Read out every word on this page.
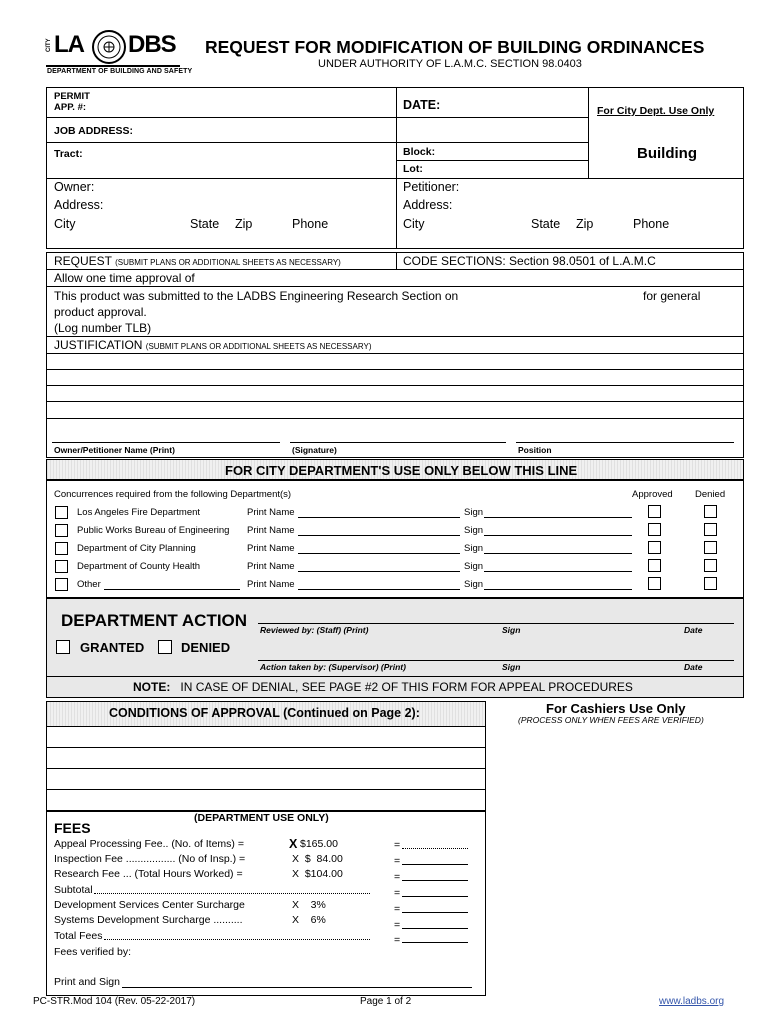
CITY LA DBS
DEPARTMENT OF BUILDING AND SAFETY
REQUEST FOR MODIFICATION OF BUILDING ORDINANCES
UNDER AUTHORITY OF L.A.M.C. SECTION 98.0403
PERMIT
APP. #:	DATE:	For City Dept. Use Only
JOB ADDRESS:
Tract:	Block:
Lot:
Building
Owner:
Address:
City	State Zip	Phone
Petitioner:
Address:
City	State Zip	Phone
REQUEST (SUBMIT PLANS OR ADDITIONAL SHEETS AS NECESSARY)	CODE SECTIONS: Section 98.0501 of L.A.M.C
Allow one time approval of
This product was submitted to the LADBS Engineering Research Section on	for general
product approval.
(Log number TLB)
JUSTIFICATION (SUBMIT PLANS OR ADDITIONAL SHEETS AS NECESSARY)
Owner/Petitioner Name (Print)	(Signature)	Position
FOR CITY DEPARTMENT'S USE ONLY BELOW THIS LINE
Concurrences required from the following Department(s)	Approved Denied
Los Angeles Fire Department	Print Name	Sign
Public Works Bureau of Engineering Print Name	Sign
Department of City Planning	Print Name	Sign
Department of County Health	Print Name	Sign
Other	Print Name	Sign
DEPARTMENT ACTION
GRANTED	DENIED
Reviewed by: (Staff) (Print)	Sign	Date
Action taken by: (Supervisor) (Print)	Sign	Date
NOTE: IN CASE OF DENIAL, SEE PAGE #2 OF THIS FORM FOR APPEAL PROCEDURES
CONDITIONS OF APPROVAL (Continued on Page 2):	For Cashiers Use Only
(PROCESS ONLY WHEN FEES ARE VERIFIED)
(DEPARTMENT USE ONLY)
FEES
Appeal Processing Fee.. (No. of Items) =	X $165.00	=
Inspection Fee ................. (No of Insp.) =	X  $  84.00	=
Research Fee ... (Total Hours Worked) =	X  $104.00	=
Subtotal	=
Development Services Center Surcharge	X    3%	=
Systems Development Surcharge ..........	X    6%	=
Total Fees	=
Fees verified by:
Print and Sign
PC-STR.Mod 104 (Rev. 05-22-2017)	Page 1 of 2	www.ladbs.org
